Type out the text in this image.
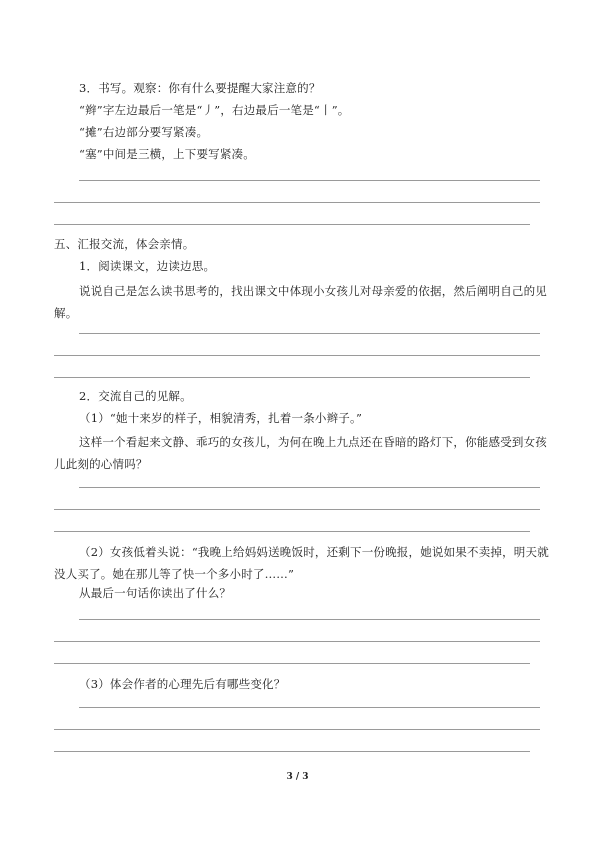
3．书写。观察：你有什么要提醒大家注意的？
“辫”字左边最后一笔是“丿”，右边最后一笔是“丨”。
“摊”右边部分要写紧凑。
“塞”中间是三横，上下要写紧凑。
五、汇报交流，体会亲情。
1．阅读课文，边读边思。
说说自己是怎么读书思考的，找出课文中体现小女孩儿对母亲爱的依据，然后阐明自己的见解。
2．交流自己的见解。
（1）“她十来岁的样子，相貌清秀，扎着一条小辫子。”
这样一个看起来文静、乖巧的女孩儿，为何在晚上九点还在昏暗的路灯下，你能感受到女孩儿此刻的心情吗？
（2）女孩低着头说：“我晚上给妈妈送晚饭时，还剩下一份晚报，她说如果不卖掉，明天就没人买了。她在那儿等了快一个多小时了……”
从最后一句话你读出了什么？
（3）体会作者的心理先后有哪些变化？
3 / 3
